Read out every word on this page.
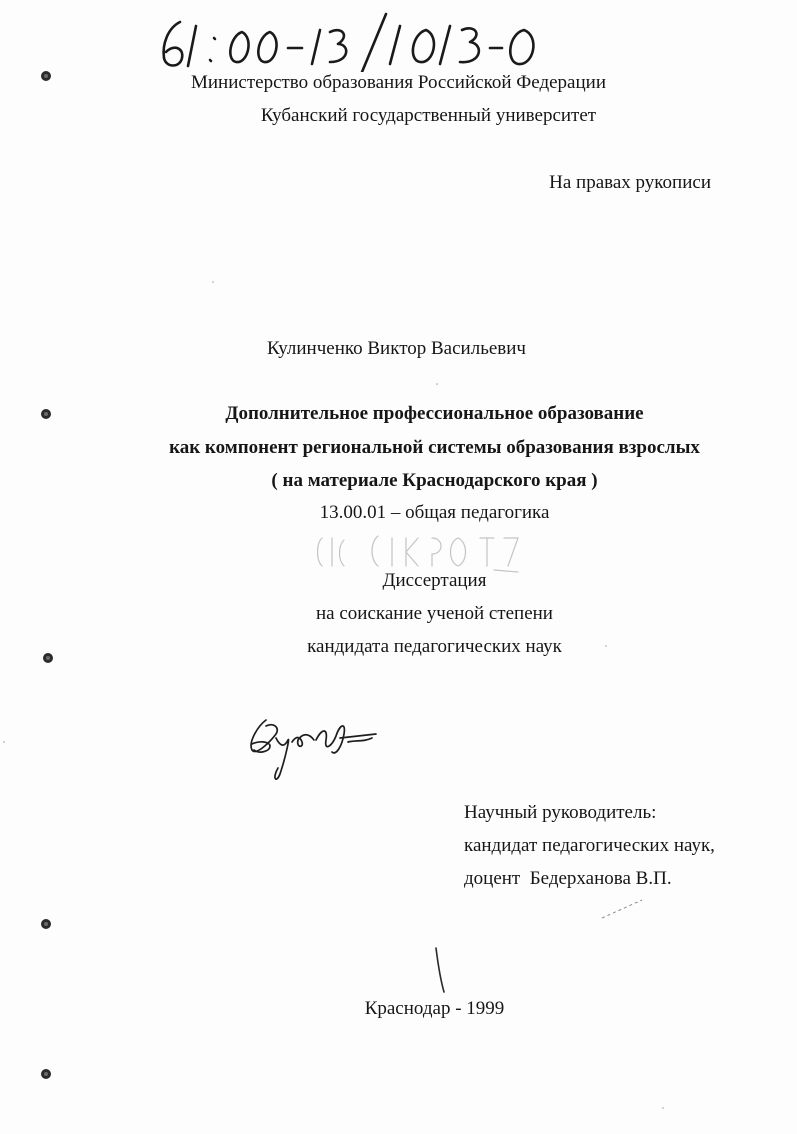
Министерство образования Российской Федерации
Кубанский государственный университет
На правах рукописи
Кулинченко Виктор Васильевич
Дополнительное профессиональное образование
как компонент региональной системы образования взрослых
( на материале Краснодарского края )
13.00.01 – общая педагогика
Диссертация
на соискание ученой степени
кандидата педагогических наук
Научный руководитель:
кандидат педагогических наук,
доцент  Бедерханова В.П.
Краснодар - 1999
